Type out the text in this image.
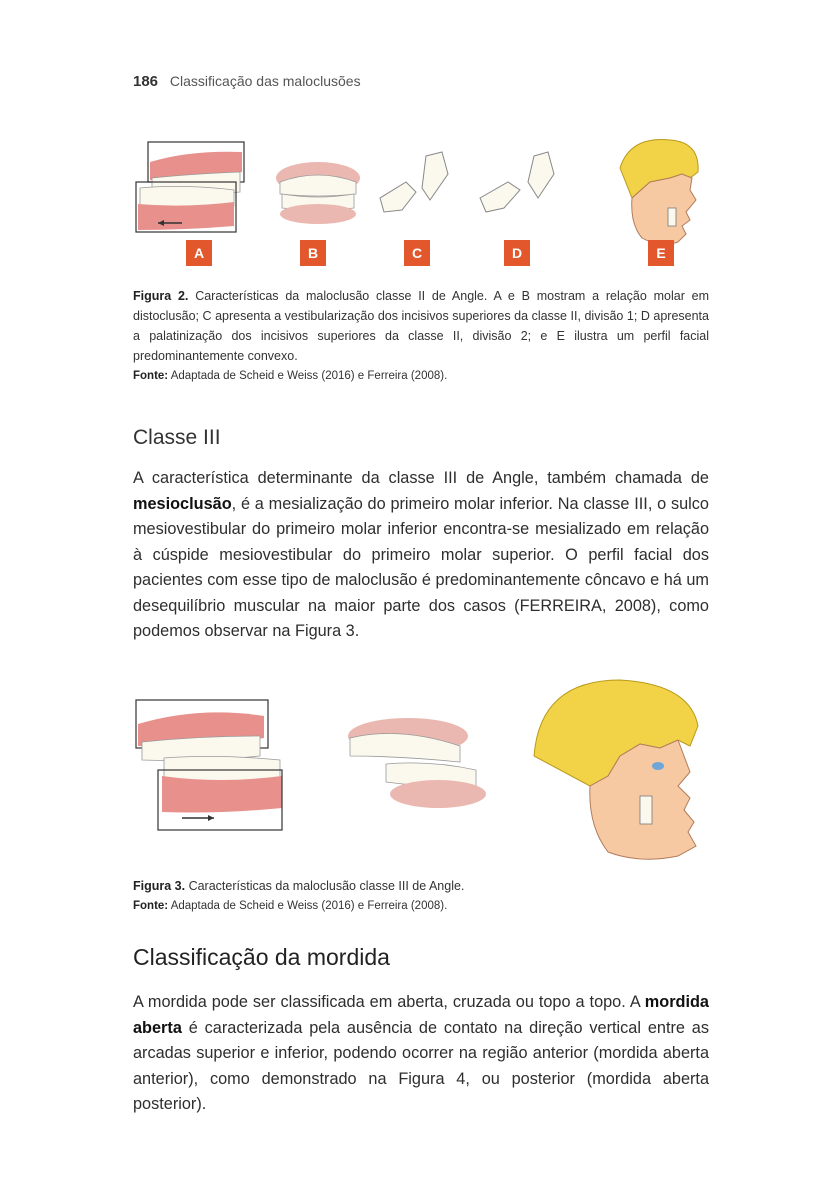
186 Classificação das maloclusões
A	B	C	D	E
Figura 2. Características da maloclusão classe II de Angle. A e B mostram a relação molar em distoclusão; C apresenta a vestibularização dos incisivos superiores da classe II, divisão 1; D apresenta a palatinização dos incisivos superiores da classe II, divisão 2; e E ilustra um perfil facial predominantemente convexo.
Fonte: Adaptada de Scheid e Weiss (2016) e Ferreira (2008).
Classe III
A característica determinante da classe III de Angle, também chamada de mesioclusão, é a mesialização do primeiro molar inferior. Na classe III, o sulco mesiovestibular do primeiro molar inferior encontra-se mesializado em relação à cúspide mesiovestibular do primeiro molar superior. O perfil facial dos pacientes com esse tipo de maloclusão é predominantemente côncavo e há um desequilíbrio muscular na maior parte dos casos (FERREIRA, 2008), como podemos observar na Figura 3.
Figura 3. Características da maloclusão classe III de Angle.
Fonte: Adaptada de Scheid e Weiss (2016) e Ferreira (2008).
Classificação da mordida
A mordida pode ser classificada em aberta, cruzada ou topo a topo. A mordida aberta é caracterizada pela ausência de contato na direção vertical entre as arcadas superior e inferior, podendo ocorrer na região anterior (mordida aberta anterior), como demonstrado na Figura 4, ou posterior (mordida aberta posterior).
